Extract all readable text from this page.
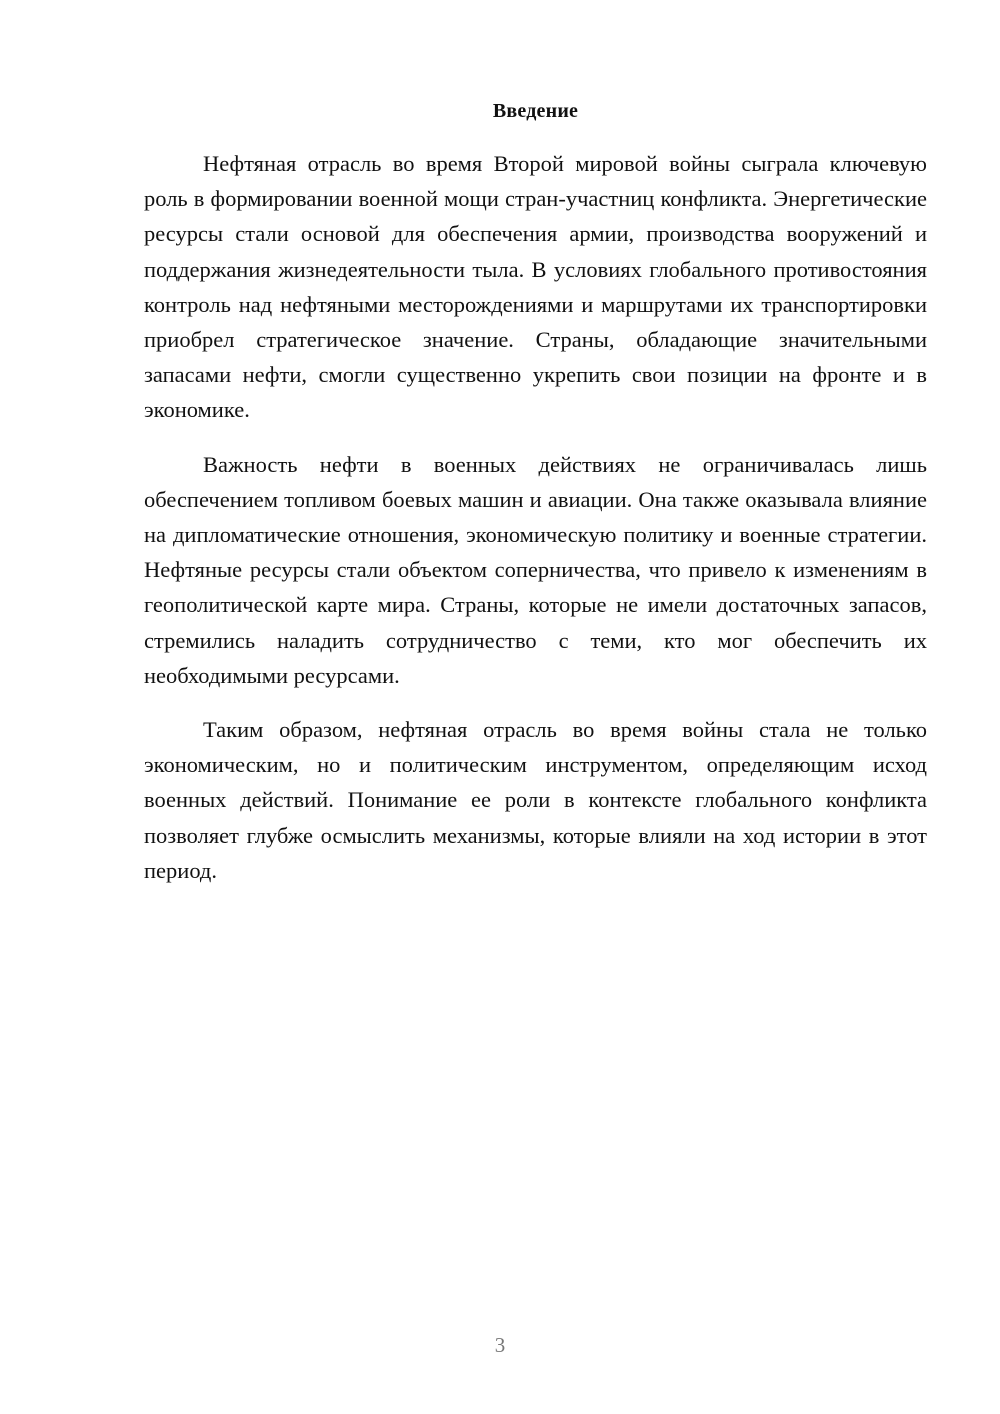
Введение

Нефтяная отрасль во время Второй мировой войны сыграла ключевую роль в формировании военной мощи стран-участниц конфликта. Энергетические ресурсы стали основой для обеспечения армии, производства вооружений и поддержания жизнедеятельности тыла. В условиях глобального противостояния контроль над нефтяными месторождениями и маршрутами их транспортировки приобрел стратегическое значение. Страны, обладающие значительными запасами нефти, смогли существенно укрепить свои позиции на фронте и в экономике.

Важность нефти в военных действиях не ограничивалась лишь обеспечением топливом боевых машин и авиации. Она также оказывала влияние на дипломатические отношения, экономическую политику и военные стратегии. Нефтяные ресурсы стали объектом соперничества, что привело к изменениям в геополитической карте мира. Страны, которые не имели достаточных запасов, стремились наладить сотрудничество с теми, кто мог обеспечить их необходимыми ресурсами.

Таким образом, нефтяная отрасль во время войны стала не только экономическим, но и политическим инструментом, определяющим исход военных действий. Понимание ее роли в контексте глобального конфликта позволяет глубже осмыслить механизмы, которые влияли на ход истории в этот период.

3
